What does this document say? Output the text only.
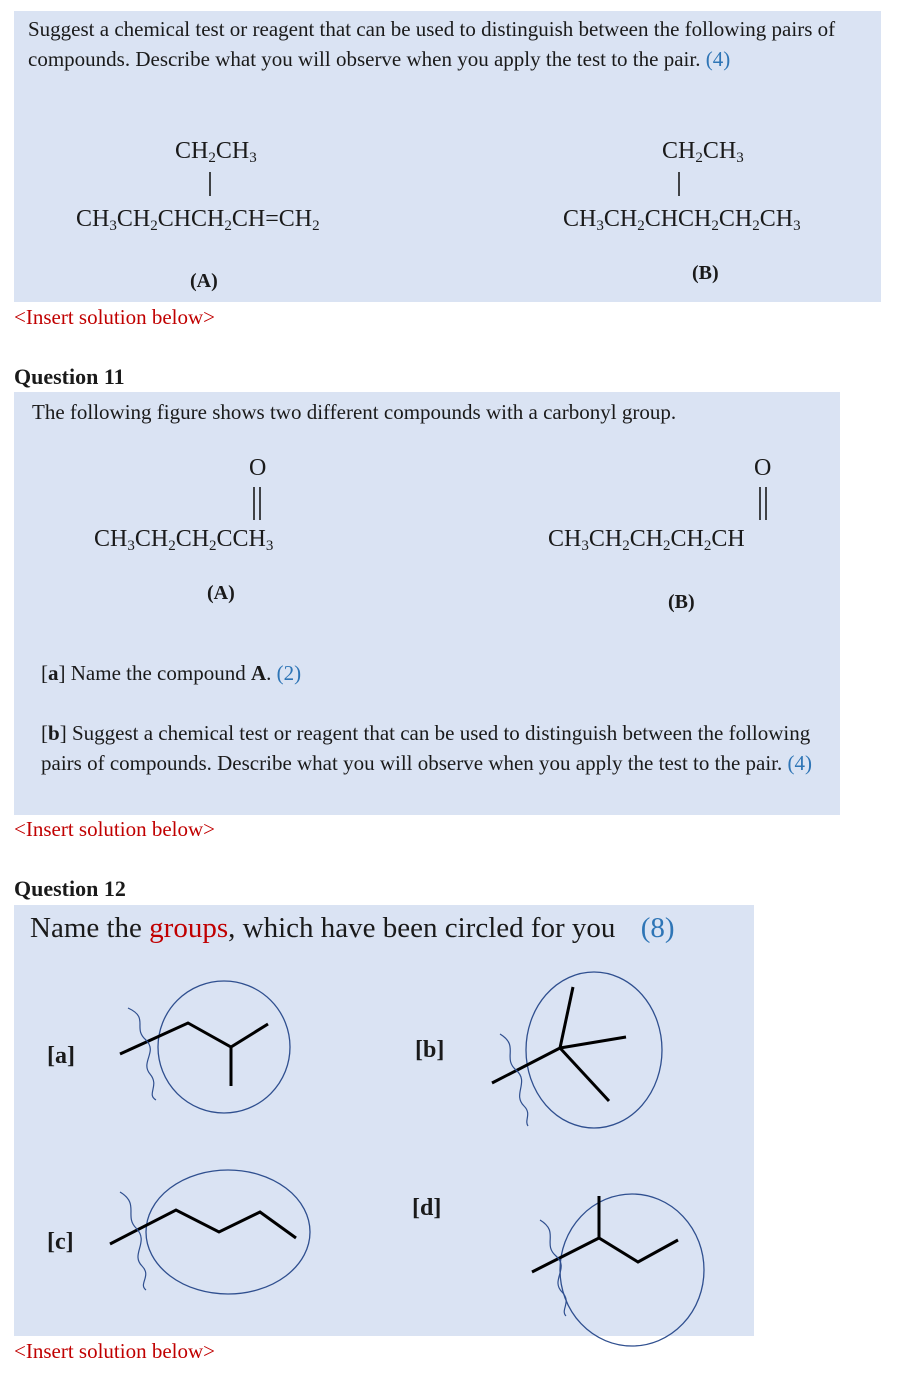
Suggest a chemical test or reagent that can be used to distinguish between the following pairs of compounds. Describe what you will observe when you apply the test to the pair. (4)
$CH_2CH_3$
$CH_3CH_2CHCH_2CH=CH_2$
(A)
$CH_2CH_3$
$CH_3CH_2CHCH_2CH_2CH_3$
(B)
<Insert solution below>
Question 11
The following figure shows two different compounds with a carbonyl group.
O
$CH_3CH_2CH_2CCH_3$
(A)
O
$CH_3CH_2CH_2CH_2CH$
(B)
[a] Name the compound A. (2)
[b] Suggest a chemical test or reagent that can be used to distinguish between the following pairs of compounds. Describe what you will observe when you apply the test to the pair. (4)
<Insert solution below>
Question 12
Name the groups, which have been circled for you (8)
[a]	[b]
[c]
[d]
<Insert solution below>
